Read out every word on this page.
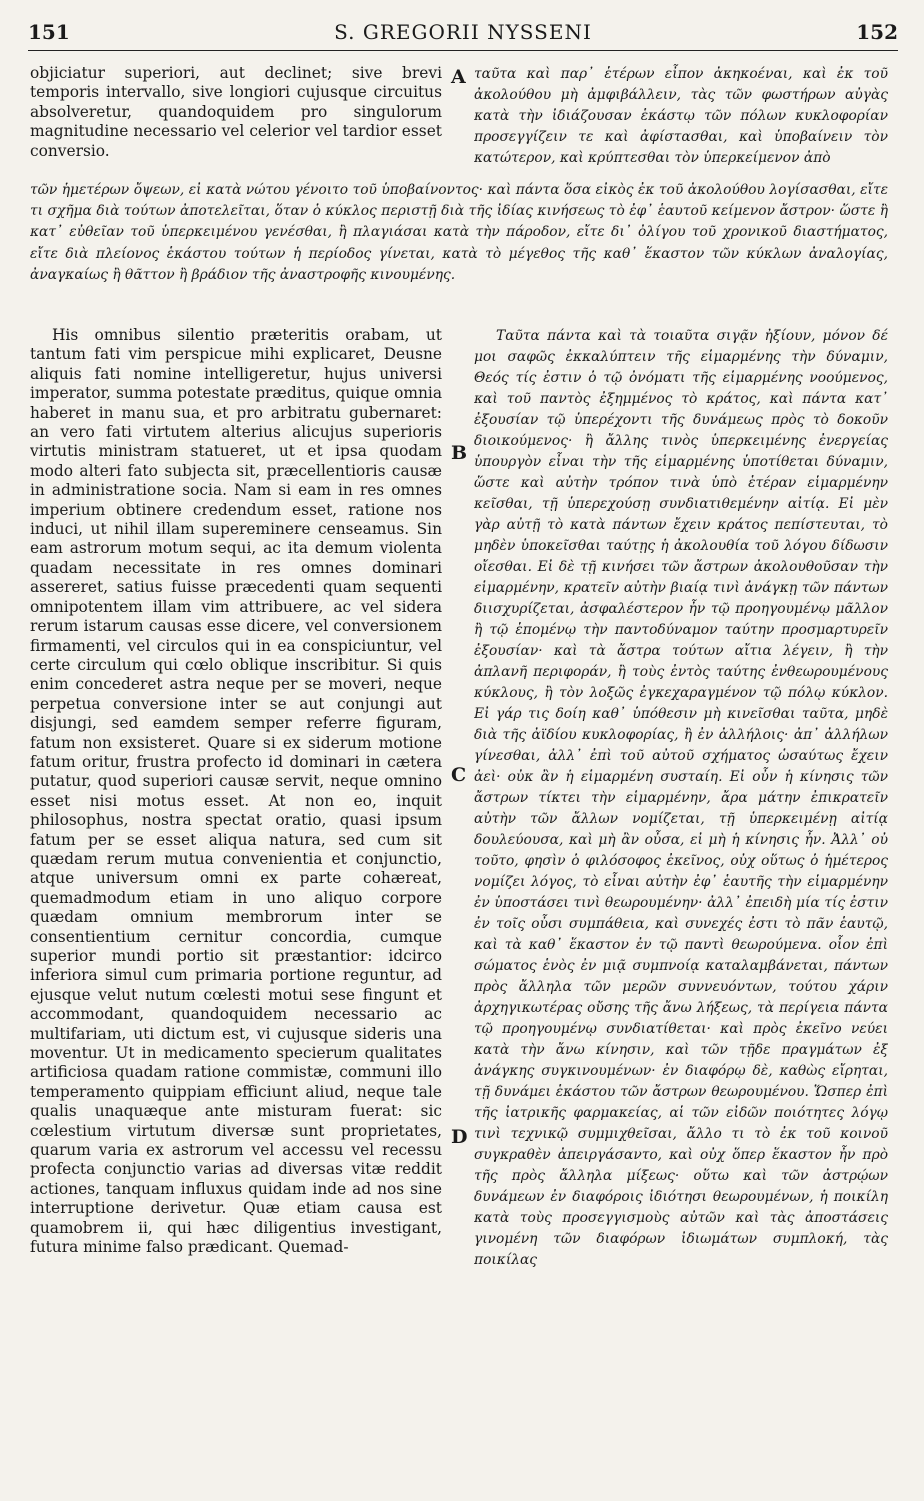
151	S. GREGORII NYSSENI	152

objiciatur superiori, aut declinet; sive brevi temporis intervallo, sive longiori cujusque circuitus absolveretur, quandoquidem pro singulorum magnitudine necessario vel celerior vel tardior esset conversio.

A ταῦτα καὶ παρ᾽ ἑτέρων εἶπον ἀκηκοέναι, καὶ ἐκ τοῦ ἀκολούθου μὴ ἀμφιβάλλειν, τὰς τῶν φωστήρων αὐγὰς κατὰ τὴν ἰδιάζουσαν ἑκάστῳ τῶν πόλων κυκλοφορίαν προσεγγίζειν τε καὶ ἀφίστασθαι, καὶ ὑποβαίνειν τὸν κατώτερον, καὶ κρύπτεσθαι τὸν ὑπερκείμενον ἀπὸ

τῶν ἡμετέρων ὄψεων, εἰ κατὰ νώτου γένοιτο τοῦ ὑποβαίνοντος· καὶ πάντα ὅσα εἰκὸς ἐκ τοῦ ἀκολούθου λογίσασθαι, εἴτε τι σχῆμα διὰ τούτων ἀποτελεῖται, ὅταν ὁ κύκλος περιστῇ διὰ τῆς ἰδίας κινήσεως τὸ ἐφ᾽ ἑαυτοῦ κείμενον ἄστρον· ὥστε ἢ κατ᾽ εὐθεῖαν τοῦ ὑπερκειμένου γενέσθαι, ἢ πλαγιάσαι κατὰ τὴν πάροδον, εἴτε δι᾽ ὀλίγου τοῦ χρονικοῦ διαστήματος, εἴτε διὰ πλείονος ἑκάστου τούτων ἡ περίοδος γίνεται, κατὰ τὸ μέγεθος τῆς καθ᾽ ἕκαστον τῶν κύκλων ἀναλογίας, ἀναγκαίως ἢ θᾶττον ἢ βράδιον τῆς ἀναστροφῆς κινουμένης.

His omnibus silentio præteritis orabam, ut tantum fati vim perspicue mihi explicaret, Deusne aliquis fati nomine intelligeretur, hujus universi imperator, summa potestate præditus, quique omnia haberet in manu sua, et pro arbitratu gubernaret: an vero fati virtutem alterius alicujus superioris virtutis ministram statueret, ut et ipsa quodam modo alteri fato subjecta sit, præcellentioris causæ in administratione socia. Nam si eam in res omnes imperium obtinere credendum esset, ratione nos induci, ut nihil illam supereminere censeamus. Sin eam astrorum motum sequi, ac ita demum violenta quadam necessitate in res omnes dominari assereret, satius fuisse præcedenti quam sequenti omnipotentem illam vim attribuere, ac vel sidera rerum istarum causas esse dicere, vel conversionem firmamenti, vel circulos qui in ea conspiciuntur, vel certe circulum qui cœlo oblique inscribitur. Si quis enim concederet astra neque per se moveri, neque perpetua conversione inter se aut conjungi aut disjungi, sed eamdem semper referre figuram, fatum non exsisteret. Quare si ex siderum motione fatum oritur, frustra profecto id dominari in cætera putatur, quod superiori causæ servit, neque omnino esset nisi motus esset. At non eo, inquit philosophus, nostra spectat oratio, quasi ipsum fatum per se esset aliqua natura, sed cum sit quædam rerum mutua convenientia et conjunctio, atque universum omni ex parte cohæreat, quemadmodum etiam in uno aliquo corpore quædam omnium membrorum inter se consentientium cernitur concordia, cumque superior mundi portio sit præstantior: idcirco inferiora simul cum primaria portione reguntur, ad ejusque velut nutum cœlesti motui sese fingunt et accommodant, quandoquidem necessario ac multifariam, uti dictum est, vi cujusque sideris una moventur. Ut in medicamento specierum qualitates artificiosa quadam ratione commistæ, communi illo temperamento quippiam efficiunt aliud, neque tale qualis unaquæque ante misturam fuerat: sic cœlestium virtutum diversæ sunt proprietates, quarum varia ex astrorum vel accessu vel recessu profecta conjunctio varias ad diversas vitæ reddit actiones, tanquam influxus quidam inde ad nos sine interruptione derivetur. Quæ etiam causa est quamobrem ii, qui hæc diligentius investigant, futura minime falso prædicant. Quemad-

B
C
D

Ταῦτα πάντα καὶ τὰ τοιαῦτα σιγᾷν ἠξίουν, μόνον δέ μοι σαφῶς ἐκκαλύπτειν τῆς εἱμαρμένης τὴν δύναμιν, Θεός τίς ἐστιν ὁ τῷ ὀνόματι τῆς εἱμαρμένης νοούμενος, καὶ τοῦ παντὸς ἐξημμένος τὸ κράτος, καὶ πάντα κατ᾽ ἐξουσίαν τῷ ὑπερέχοντι τῆς δυνάμεως πρὸς τὸ δοκοῦν διοικούμενος· ἢ ἄλλης τινὸς ὑπερκειμένης ἐνεργείας ὑπουργὸν εἶναι τὴν τῆς εἱμαρμένης ὑποτίθεται δύναμιν, ὥστε καὶ αὐτὴν τρόπον τινὰ ὑπὸ ἑτέραν εἱμαρμένην κεῖσθαι, τῇ ὑπερεχούσῃ συνδιατιθεμένην αἰτίᾳ. Εἰ μὲν γὰρ αὐτῇ τὸ κατὰ πάντων ἔχειν κράτος πεπίστευται, τὸ μηδὲν ὑποκεῖσθαι ταύτῃς ἡ ἀκολουθία τοῦ λόγου δίδωσιν οἴεσθαι. Εἰ δὲ τῇ κινήσει τῶν ἄστρων ἀκολουθοῦσαν τὴν εἱμαρμένην, κρατεῖν αὐτὴν βιαίᾳ τινὶ ἀνάγκῃ τῶν πάντων διισχυρίζεται, ἀσφαλέστερον ἦν τῷ προηγουμένῳ μᾶλλον ἢ τῷ ἑπομένῳ τὴν παντοδύναμον ταύτην προσμαρτυρεῖν ἐξουσίαν· καὶ τὰ ἄστρα τούτων αἴτια λέγειν, ἢ τὴν ἀπλανῆ περιφοράν, ἢ τοὺς ἐντὸς ταύτης ἐνθεωρουμένους κύκλους, ἢ τὸν λοξῶς ἐγκεχαραγμένον τῷ πόλῳ κύκλον. Εἰ γάρ τις δοίη καθ᾽ ὑπόθεσιν μὴ κινεῖσθαι ταῦτα, μηδὲ διὰ τῆς ἀϊδίου κυκλοφορίας, ἢ ἐν ἀλλήλοις· ἀπ᾽ ἀλλήλων γίνεσθαι, ἀλλ᾽ ἐπὶ τοῦ αὐτοῦ σχήματος ὡσαύτως ἔχειν ἀεὶ· οὐκ ἂν ἡ εἱμαρμένη συσταίη. Εἰ οὖν ἡ κίνησις τῶν ἄστρων τίκτει τὴν εἱμαρμένην, ἄρα μάτην ἐπικρατεῖν αὐτὴν τῶν ἄλλων νομίζεται, τῇ ὑπερκειμένῃ αἰτίᾳ δουλεύουσα, καὶ μὴ ἂν οὖσα, εἰ μὴ ἡ κίνησις ἦν. Ἀλλ᾽ οὐ τοῦτο, φησὶν ὁ φιλόσοφος ἐκεῖνος, οὐχ οὕτως ὁ ἡμέτερος νομίζει λόγος, τὸ εἶναι αὐτὴν ἐφ᾽ ἑαυτῆς τὴν εἱμαρμένην ἐν ὑποστάσει τινὶ θεωρουμένην· ἀλλ᾽ ἐπειδὴ μία τίς ἐστιν ἐν τοῖς οὖσι συμπάθεια, καὶ συνεχές ἐστι τὸ πᾶν ἑαυτῷ, καὶ τὰ καθ᾽ ἕκαστον ἐν τῷ παντὶ θεωρούμενα. οἷον ἐπὶ σώματος ἑνὸς ἐν μιᾷ συμπνοίᾳ καταλαμβάνεται, πάντων πρὸς ἄλληλα τῶν μερῶν συννευόντων, τούτου χάριν ἀρχηγικωτέρας οὔσης τῆς ἄνω λήξεως, τὰ περίγεια πάντα τῷ προηγουμένῳ συνδιατίθεται· καὶ πρὸς ἐκεῖνο νεύει κατὰ τὴν ἄνω κίνησιν, καὶ τῶν τῇδε πραγμάτων ἐξ ἀνάγκης συγκινουμένων· ἐν διαφόρῳ δὲ, καθὼς εἴρηται, τῇ δυνάμει ἑκάστου τῶν ἄστρων θεωρουμένου. Ὥσπερ ἐπὶ τῆς ἰατρικῆς φαρμακείας, αἱ τῶν εἰδῶν ποιότητες λόγῳ τινὶ τεχνικῷ συμμιχθεῖσαι, ἄλλο τι τὸ ἐκ τοῦ κοινοῦ συγκραθὲν ἀπειργάσαντο, καὶ οὐχ ὅπερ ἕκαστον ἦν πρὸ τῆς πρὸς ἄλληλα μίξεως· οὕτω καὶ τῶν ἀστρῴων δυνάμεων ἐν διαφόροις ἰδιότησι θεωρουμένων, ἡ ποικίλη κατὰ τοὺς προσεγγισμοὺς αὐτῶν καὶ τὰς ἀποστάσεις γινομένη τῶν διαφόρων ἰδιωμάτων συμπλοκή, τὰς ποικίλας
